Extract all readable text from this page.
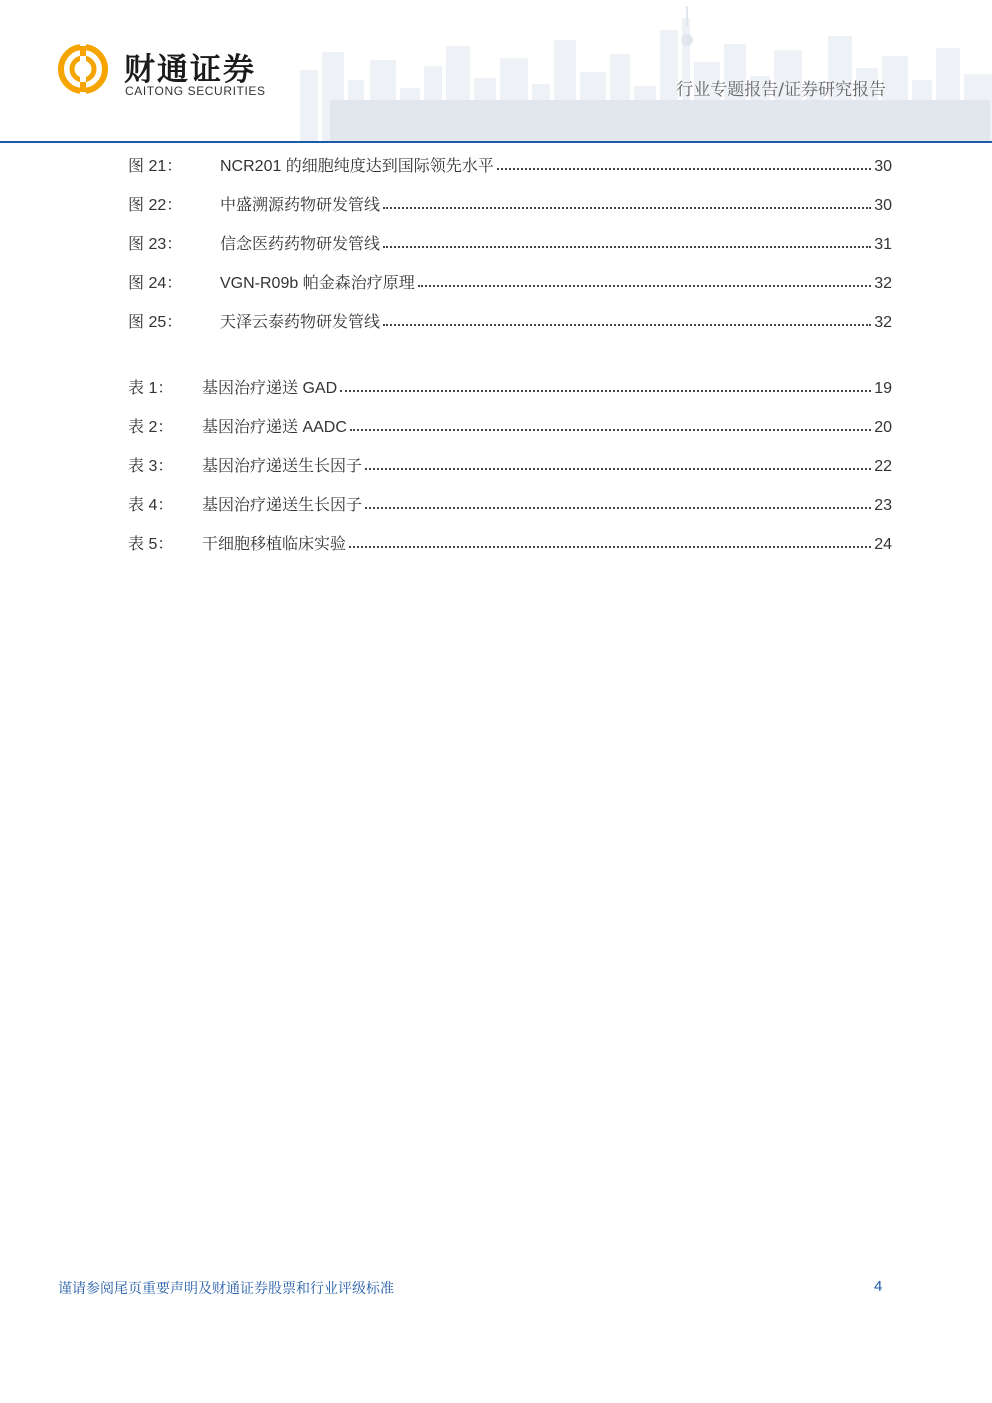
财通证券
CAITONG SECURITIES	行业专题报告/证券研究报告
图 21：	NCR201 的细胞纯度达到国际领先水平	30
图 22：	中盛溯源药物研发管线	30
图 23：	信念医药药物研发管线	31
图 24：	VGN-R09b 帕金森治疗原理	32
图 25：	天泽云泰药物研发管线	32
表 1：	基因治疗递送 GAD	19
表 2：	基因治疗递送 AADC	20
表 3：	基因治疗递送生长因子	22
表 4：	基因治疗递送生长因子	23
表 5：	干细胞移植临床实验	24
谨请参阅尾页重要声明及财通证券股票和行业评级标准	4
